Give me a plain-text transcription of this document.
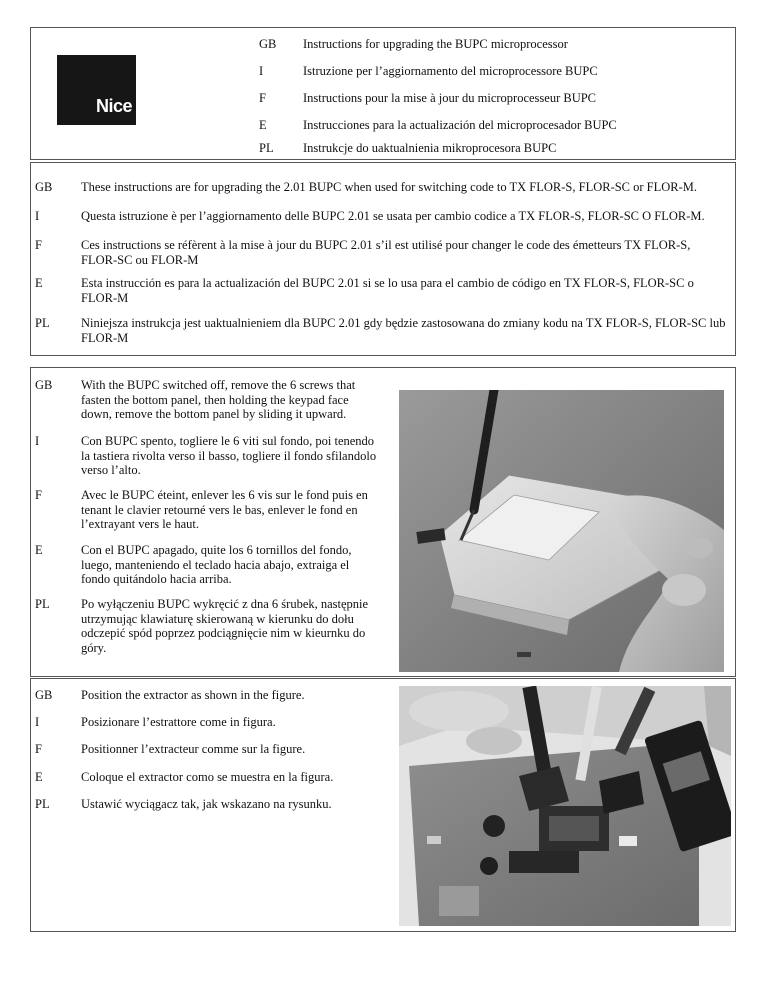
Nice
GB Instructions for upgrading the BUPC microprocessor
I	Istruzione per l’aggiornamento del microprocessore BUPC
F	Instructions pour la mise à jour du microprocesseur BUPC
E	Instrucciones para la actualización del microprocesador BUPC
PL Instrukcje do uaktualnienia mikroprocesora BUPC
GB These instructions are for upgrading the 2.01 BUPC when used for switching code to TX FLOR-S, FLOR-SC or FLOR-M.
I	Questa istruzione è per l’aggiornamento delle BUPC 2.01 se usata per cambio codice a TX FLOR-S, FLOR-SC O FLOR-M.
F	Ces instructions se réfèrent à la mise à jour du BUPC 2.01 s’il est utilisé pour changer le code des émetteurs TX FLOR-S, FLOR-SC ou FLOR-M
E	Esta instrucción es para la actualización del BUPC 2.01 si se lo usa para el cambio de código en TX FLOR-S, FLOR-SC o FLOR-M
PL	Niniejsza instrukcja jest uaktualnieniem dla BUPC 2.01 gdy będzie zastosowana do zmiany kodu na TX FLOR-S, FLOR-SC lub FLOR-M
GB With the BUPC switched off, remove the 6 screws that fasten the bottom panel, then holding the keypad face down, remove the bottom panel by sliding it upward.
I	Con BUPC spento, togliere le 6 viti sul fondo, poi tenendo la tastiera rivolta verso il basso, togliere il fondo sfilandolo verso l’alto.
F	Avec le BUPC éteint, enlever les 6 vis sur le fond puis en tenant le clavier retourné vers le bas, enlever le fond en l’extrayant vers le haut.
E	Con el BUPC apagado, quite los 6 tornillos del fondo, luego, manteniendo el teclado hacia abajo, extraiga el fondo quitándolo hacia arriba.
PL	Po wyłączeniu BUPC wykręcić z dna 6 śrubek, następnie utrzymując klawiaturę skierowaną w kierunku do dołu odczepić spód poprzez podciągnięcie nim w kieurnku do góry.
GB Position the extractor as shown in the figure.
I	Posizionare l’estrattore come in figura.
F	Positionner l’extracteur comme sur la figure.
E	Coloque el extractor como se muestra en la figura.
PL	Ustawić wyciągacz tak, jak wskazano na rysunku.
